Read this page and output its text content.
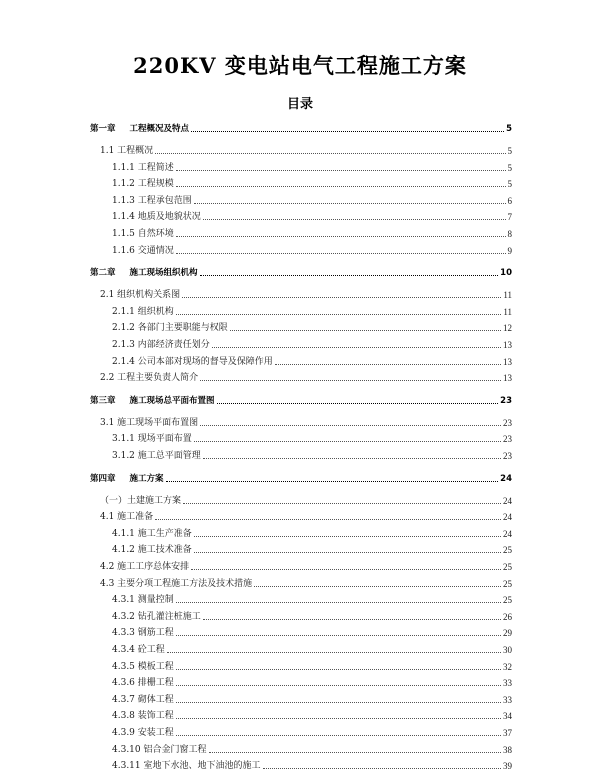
220KV 变电站电气工程施工方案
目录
第一章 工程概况及特点	5
1.1 工程概况	5
1.1.1 工程简述	5
1.1.2 工程规模	5
1.1.3 工程承包范围	6
1.1.4 地质及地貌状况	7
1.1.5 自然环境	8
1.1.6 交通情况	9
第二章 施工现场组织机构	10
2.1 组织机构关系图	11
2.1.1 组织机构	11
2.1.2 各部门主要职能与权限	12
2.1.3 内部经济责任划分	13
2.1.4 公司本部对现场的督导及保障作用	13
2.2 工程主要负责人简介	13
第三章 施工现场总平面布置图	23
3.1 施工现场平面布置图	23
3.1.1 现场平面布置	23
3.1.2 施工总平面管理	23
第四章 施工方案	24
（一）土建施工方案	24
4.1 施工准备	24
4.1.1 施工生产准备	24
4.1.2 施工技术准备	25
4.2 施工工序总体安排	25
4.3 主要分项工程施工方法及技术措施	25
4.3.1 测量控制	25
4.3.2 钻孔灌注桩施工	26
4.3.3 钢筋工程	29
4.3.4 砼工程	30
4.3.5 模板工程	32
4.3.6 排栅工程	33
4.3.7 砌体工程	33
4.3.8 装饰工程	34
4.3.9 安装工程	37
4.3.10 铝合金门窗工程	38
4.3.11 室地下水池、地下油池的施工	39
